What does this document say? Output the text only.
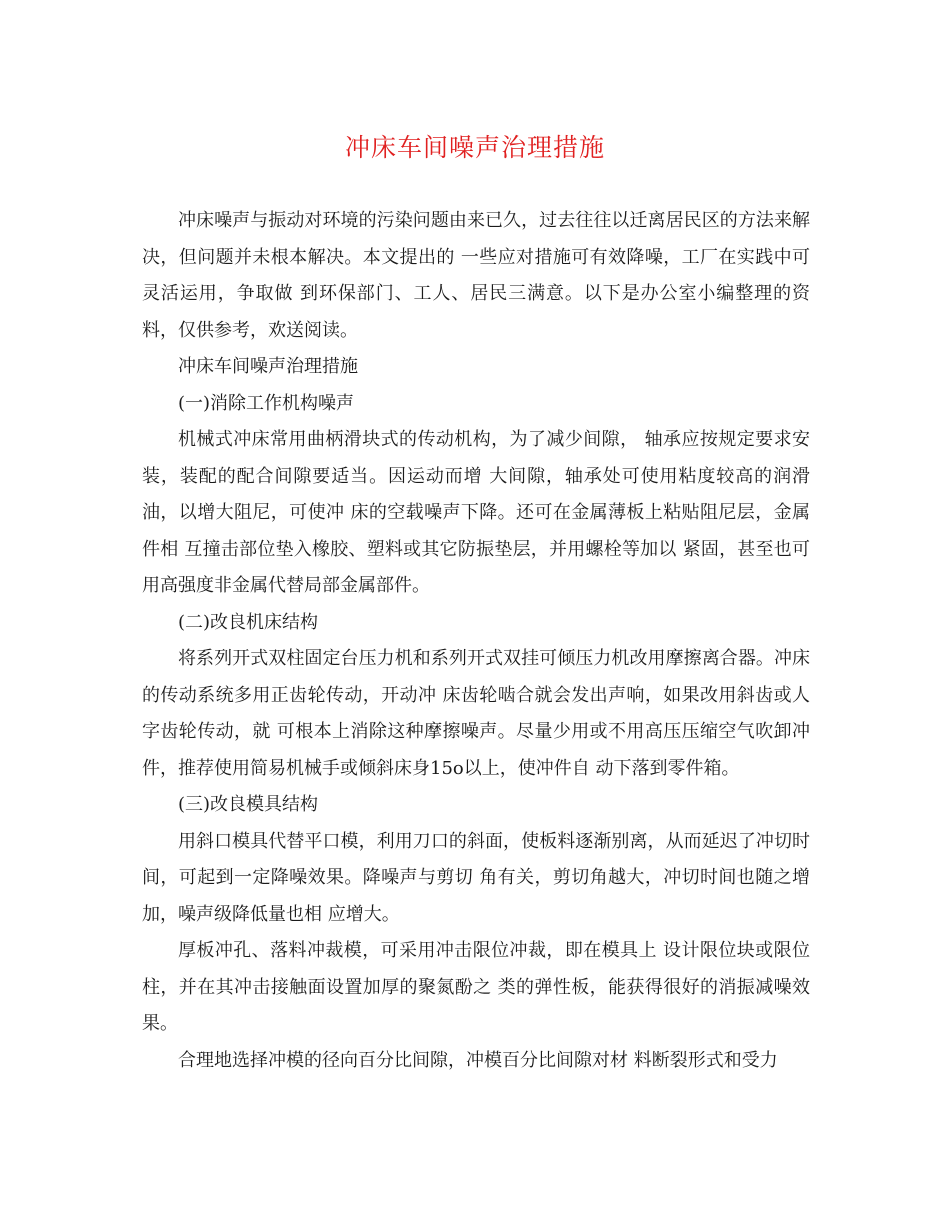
冲床车间噪声治理措施

冲床噪声与振动对环境的污染问题由来已久，过去往往以迁离居民区的方法来解决，但问题并未根本解决。本文提出的 一些应对措施可有效降噪，工厂在实践中可灵活运用，争取做 到环保部门、工人、居民三满意。以下是办公室小编整理的资料，仅供参考，欢送阅读。

冲床车间噪声治理措施

(一)消除工作机构噪声

机械式冲床常用曲柄滑块式的传动机构，为了减少间隙， 轴承应按规定要求安装，装配的配合间隙要适当。因运动而增 大间隙，轴承处可使用粘度较高的润滑油，以增大阻尼，可使冲 床的空载噪声下降。还可在金属薄板上粘贴阻尼层，金属件相 互撞击部位垫入橡胶、塑料或其它防振垫层，并用螺栓等加以 紧固，甚至也可用高强度非金属代替局部金属部件。

(二)改良机床结构

将系列开式双柱固定台压力机和系列开式双挂可倾压力机改用摩擦离合器。冲床的传动系统多用正齿轮传动，开动冲 床齿轮啮合就会发出声响，如果改用斜齿或人字齿轮传动，就 可根本上消除这种摩擦噪声。尽量少用或不用高压压缩空气吹卸冲件，推荐使用简易机械手或倾斜床身15o以上，使冲件自 动下落到零件箱。

(三)改良模具结构

用斜口模具代替平口模，利用刀口的斜面，使板料逐渐别离，从而延迟了冲切时间，可起到一定降噪效果。降噪声与剪切 角有关，剪切角越大，冲切时间也随之增加，噪声级降低量也相 应增大。

厚板冲孔、落料冲裁模，可采用冲击限位冲裁，即在模具上 设计限位块或限位柱，并在其冲击接触面设置加厚的聚氮酚之 类的弹性板，能获得很好的消振减噪效果。

合理地选择冲模的径向百分比间隙，冲模百分比间隙对材 料断裂形式和受力
